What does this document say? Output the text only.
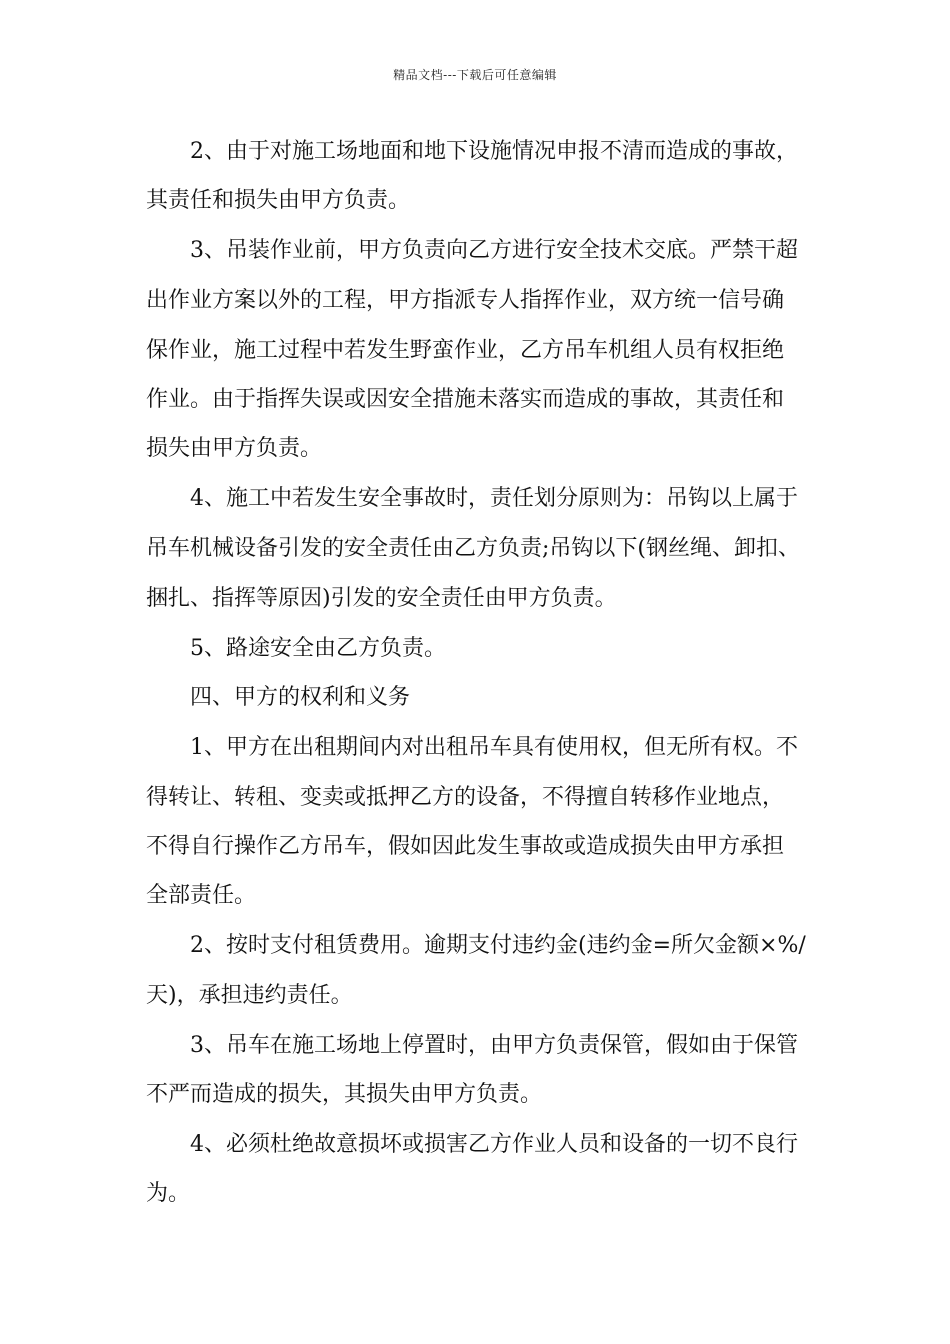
精品文档---下载后可任意编辑
2、由于对施工场地面和地下设施情况申报不清而造成的事故，
其责任和损失由甲方负责。
3、吊装作业前，甲方负责向乙方进行安全技术交底。严禁干超
出作业方案以外的工程，甲方指派专人指挥作业，双方统一信号确
保作业，施工过程中若发生野蛮作业，乙方吊车机组人员有权拒绝
作业。由于指挥失误或因安全措施未落实而造成的事故，其责任和
损失由甲方负责。
4、施工中若发生安全事故时，责任划分原则为：吊钩以上属于
吊车机械设备引发的安全责任由乙方负责;吊钩以下(钢丝绳、卸扣、
捆扎、指挥等原因)引发的安全责任由甲方负责。
5、路途安全由乙方负责。
四、甲方的权利和义务
1、甲方在出租期间内对出租吊车具有使用权，但无所有权。不
得转让、转租、变卖或抵押乙方的设备，不得擅自转移作业地点，
不得自行操作乙方吊车，假如因此发生事故或造成损失由甲方承担
全部责任。
2、按时支付租赁费用。逾期支付违约金(违约金=所欠金额×%/
天)，承担违约责任。
3、吊车在施工场地上停置时，由甲方负责保管，假如由于保管
不严而造成的损失，其损失由甲方负责。
4、必须杜绝故意损坏或损害乙方作业人员和设备的一切不良行
为。
